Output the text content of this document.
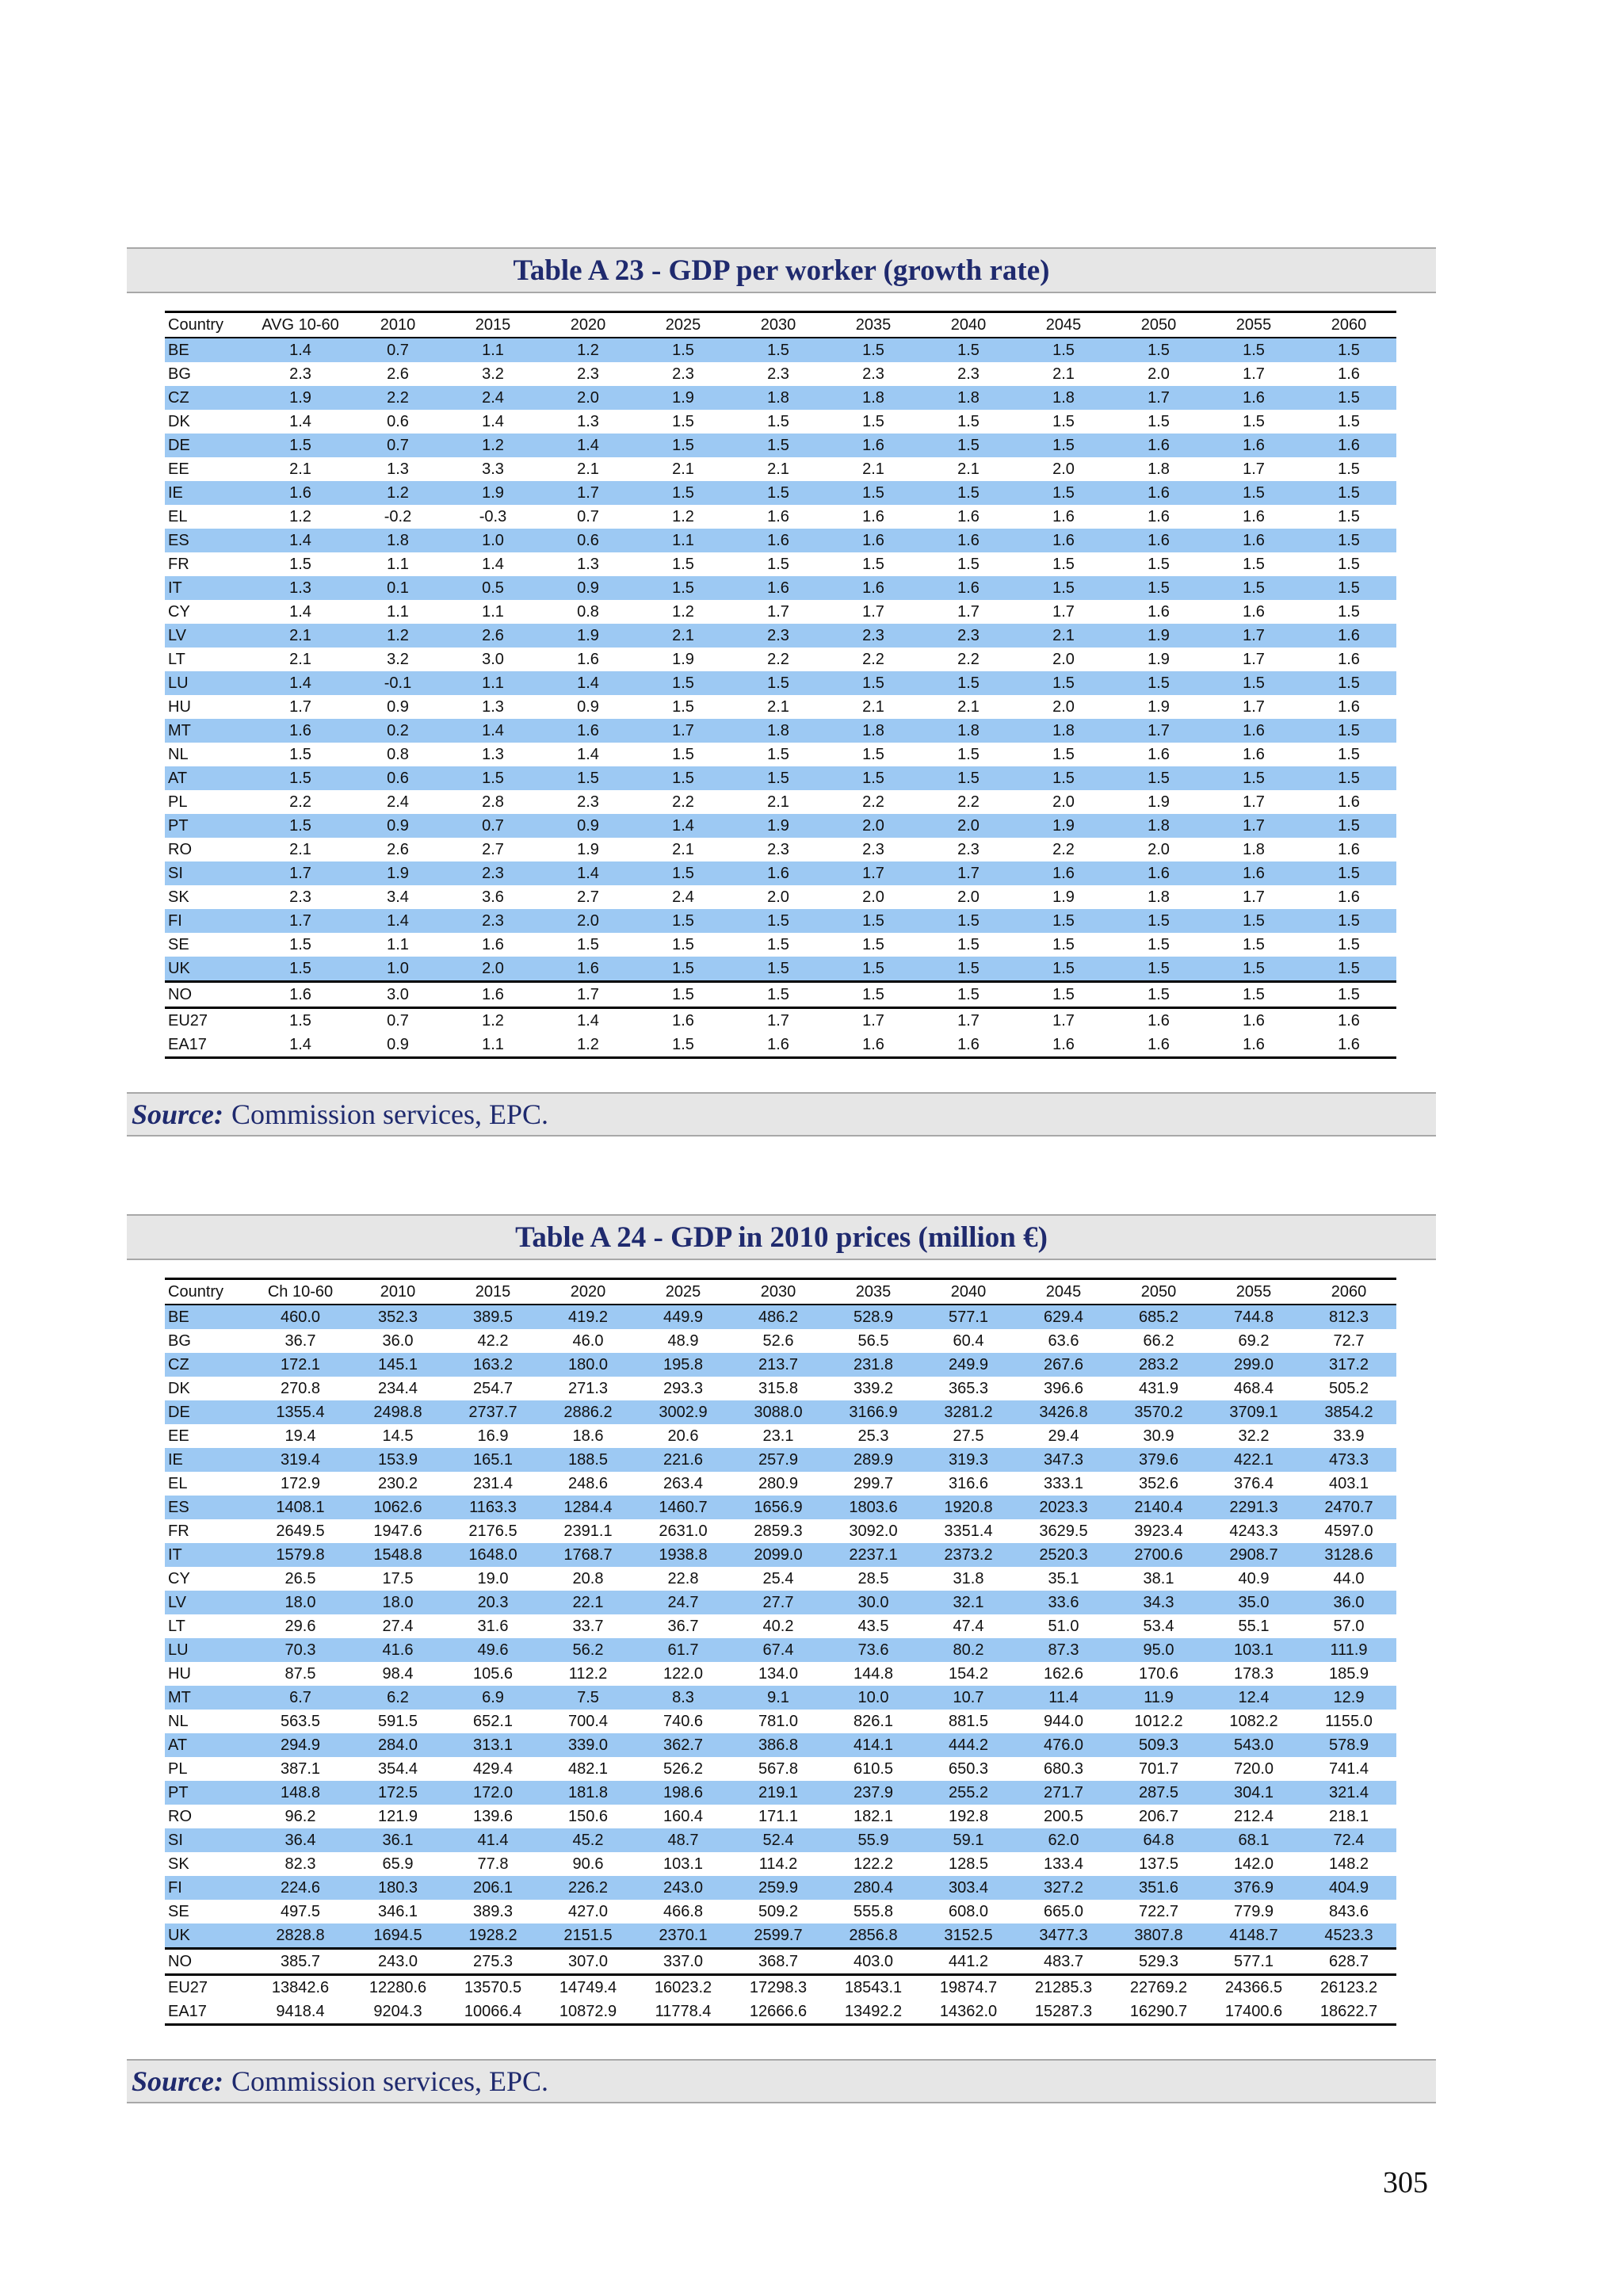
Table A 23 - GDP per worker (growth rate)
Country	AVG 10-60	2010	2015	2020	2025	2030	2035	2040	2045	2050	2055	2060
BE	1.4	0.7	1.1	1.2	1.5	1.5	1.5	1.5	1.5	1.5	1.5	1.5
BG	2.3	2.6	3.2	2.3	2.3	2.3	2.3	2.3	2.1	2.0	1.7	1.6
CZ	1.9	2.2	2.4	2.0	1.9	1.8	1.8	1.8	1.8	1.7	1.6	1.5
DK	1.4	0.6	1.4	1.3	1.5	1.5	1.5	1.5	1.5	1.5	1.5	1.5
DE	1.5	0.7	1.2	1.4	1.5	1.5	1.6	1.5	1.5	1.6	1.6	1.6
EE	2.1	1.3	3.3	2.1	2.1	2.1	2.1	2.1	2.0	1.8	1.7	1.5
IE	1.6	1.2	1.9	1.7	1.5	1.5	1.5	1.5	1.5	1.6	1.5	1.5
EL	1.2	-0.2	-0.3	0.7	1.2	1.6	1.6	1.6	1.6	1.6	1.6	1.5
ES	1.4	1.8	1.0	0.6	1.1	1.6	1.6	1.6	1.6	1.6	1.6	1.5
FR	1.5	1.1	1.4	1.3	1.5	1.5	1.5	1.5	1.5	1.5	1.5	1.5
IT	1.3	0.1	0.5	0.9	1.5	1.6	1.6	1.6	1.5	1.5	1.5	1.5
CY	1.4	1.1	1.1	0.8	1.2	1.7	1.7	1.7	1.7	1.6	1.6	1.5
LV	2.1	1.2	2.6	1.9	2.1	2.3	2.3	2.3	2.1	1.9	1.7	1.6
LT	2.1	3.2	3.0	1.6	1.9	2.2	2.2	2.2	2.0	1.9	1.7	1.6
LU	1.4	-0.1	1.1	1.4	1.5	1.5	1.5	1.5	1.5	1.5	1.5	1.5
HU	1.7	0.9	1.3	0.9	1.5	2.1	2.1	2.1	2.0	1.9	1.7	1.6
MT	1.6	0.2	1.4	1.6	1.7	1.8	1.8	1.8	1.8	1.7	1.6	1.5
NL	1.5	0.8	1.3	1.4	1.5	1.5	1.5	1.5	1.5	1.6	1.6	1.5
AT	1.5	0.6	1.5	1.5	1.5	1.5	1.5	1.5	1.5	1.5	1.5	1.5
PL	2.2	2.4	2.8	2.3	2.2	2.1	2.2	2.2	2.0	1.9	1.7	1.6
PT	1.5	0.9	0.7	0.9	1.4	1.9	2.0	2.0	1.9	1.8	1.7	1.5
RO	2.1	2.6	2.7	1.9	2.1	2.3	2.3	2.3	2.2	2.0	1.8	1.6
SI	1.7	1.9	2.3	1.4	1.5	1.6	1.7	1.7	1.6	1.6	1.6	1.5
SK	2.3	3.4	3.6	2.7	2.4	2.0	2.0	2.0	1.9	1.8	1.7	1.6
FI	1.7	1.4	2.3	2.0	1.5	1.5	1.5	1.5	1.5	1.5	1.5	1.5
SE	1.5	1.1	1.6	1.5	1.5	1.5	1.5	1.5	1.5	1.5	1.5	1.5
UK	1.5	1.0	2.0	1.6	1.5	1.5	1.5	1.5	1.5	1.5	1.5	1.5
NO	1.6	3.0	1.6	1.7	1.5	1.5	1.5	1.5	1.5	1.5	1.5	1.5
EU27	1.5	0.7	1.2	1.4	1.6	1.7	1.7	1.7	1.7	1.6	1.6	1.6
EA17	1.4	0.9	1.1	1.2	1.5	1.6	1.6	1.6	1.6	1.6	1.6	1.6
Source: Commission services, EPC.
Table A 24 - GDP in 2010 prices (million €)
Country	Ch 10-60	2010	2015	2020	2025	2030	2035	2040	2045	2050	2055	2060
BE	460.0	352.3	389.5	419.2	449.9	486.2	528.9	577.1	629.4	685.2	744.8	812.3
BG	36.7	36.0	42.2	46.0	48.9	52.6	56.5	60.4	63.6	66.2	69.2	72.7
CZ	172.1	145.1	163.2	180.0	195.8	213.7	231.8	249.9	267.6	283.2	299.0	317.2
DK	270.8	234.4	254.7	271.3	293.3	315.8	339.2	365.3	396.6	431.9	468.4	505.2
DE	1355.4	2498.8	2737.7	2886.2	3002.9	3088.0	3166.9	3281.2	3426.8	3570.2	3709.1	3854.2
EE	19.4	14.5	16.9	18.6	20.6	23.1	25.3	27.5	29.4	30.9	32.2	33.9
IE	319.4	153.9	165.1	188.5	221.6	257.9	289.9	319.3	347.3	379.6	422.1	473.3
EL	172.9	230.2	231.4	248.6	263.4	280.9	299.7	316.6	333.1	352.6	376.4	403.1
ES	1408.1	1062.6	1163.3	1284.4	1460.7	1656.9	1803.6	1920.8	2023.3	2140.4	2291.3	2470.7
FR	2649.5	1947.6	2176.5	2391.1	2631.0	2859.3	3092.0	3351.4	3629.5	3923.4	4243.3	4597.0
IT	1579.8	1548.8	1648.0	1768.7	1938.8	2099.0	2237.1	2373.2	2520.3	2700.6	2908.7	3128.6
CY	26.5	17.5	19.0	20.8	22.8	25.4	28.5	31.8	35.1	38.1	40.9	44.0
LV	18.0	18.0	20.3	22.1	24.7	27.7	30.0	32.1	33.6	34.3	35.0	36.0
LT	29.6	27.4	31.6	33.7	36.7	40.2	43.5	47.4	51.0	53.4	55.1	57.0
LU	70.3	41.6	49.6	56.2	61.7	67.4	73.6	80.2	87.3	95.0	103.1	111.9
HU	87.5	98.4	105.6	112.2	122.0	134.0	144.8	154.2	162.6	170.6	178.3	185.9
MT	6.7	6.2	6.9	7.5	8.3	9.1	10.0	10.7	11.4	11.9	12.4	12.9
NL	563.5	591.5	652.1	700.4	740.6	781.0	826.1	881.5	944.0	1012.2	1082.2	1155.0
AT	294.9	284.0	313.1	339.0	362.7	386.8	414.1	444.2	476.0	509.3	543.0	578.9
PL	387.1	354.4	429.4	482.1	526.2	567.8	610.5	650.3	680.3	701.7	720.0	741.4
PT	148.8	172.5	172.0	181.8	198.6	219.1	237.9	255.2	271.7	287.5	304.1	321.4
RO	96.2	121.9	139.6	150.6	160.4	171.1	182.1	192.8	200.5	206.7	212.4	218.1
SI	36.4	36.1	41.4	45.2	48.7	52.4	55.9	59.1	62.0	64.8	68.1	72.4
SK	82.3	65.9	77.8	90.6	103.1	114.2	122.2	128.5	133.4	137.5	142.0	148.2
FI	224.6	180.3	206.1	226.2	243.0	259.9	280.4	303.4	327.2	351.6	376.9	404.9
SE	497.5	346.1	389.3	427.0	466.8	509.2	555.8	608.0	665.0	722.7	779.9	843.6
UK	2828.8	1694.5	1928.2	2151.5	2370.1	2599.7	2856.8	3152.5	3477.3	3807.8	4148.7	4523.3
NO	385.7	243.0	275.3	307.0	337.0	368.7	403.0	441.2	483.7	529.3	577.1	628.7
EU27	13842.6	12280.6	13570.5	14749.4	16023.2	17298.3	18543.1	19874.7	21285.3	22769.2	24366.5	26123.2
EA17	9418.4	9204.3	10066.4	10872.9	11778.4	12666.6	13492.2	14362.0	15287.3	16290.7	17400.6	18622.7
Source: Commission services, EPC.
305
